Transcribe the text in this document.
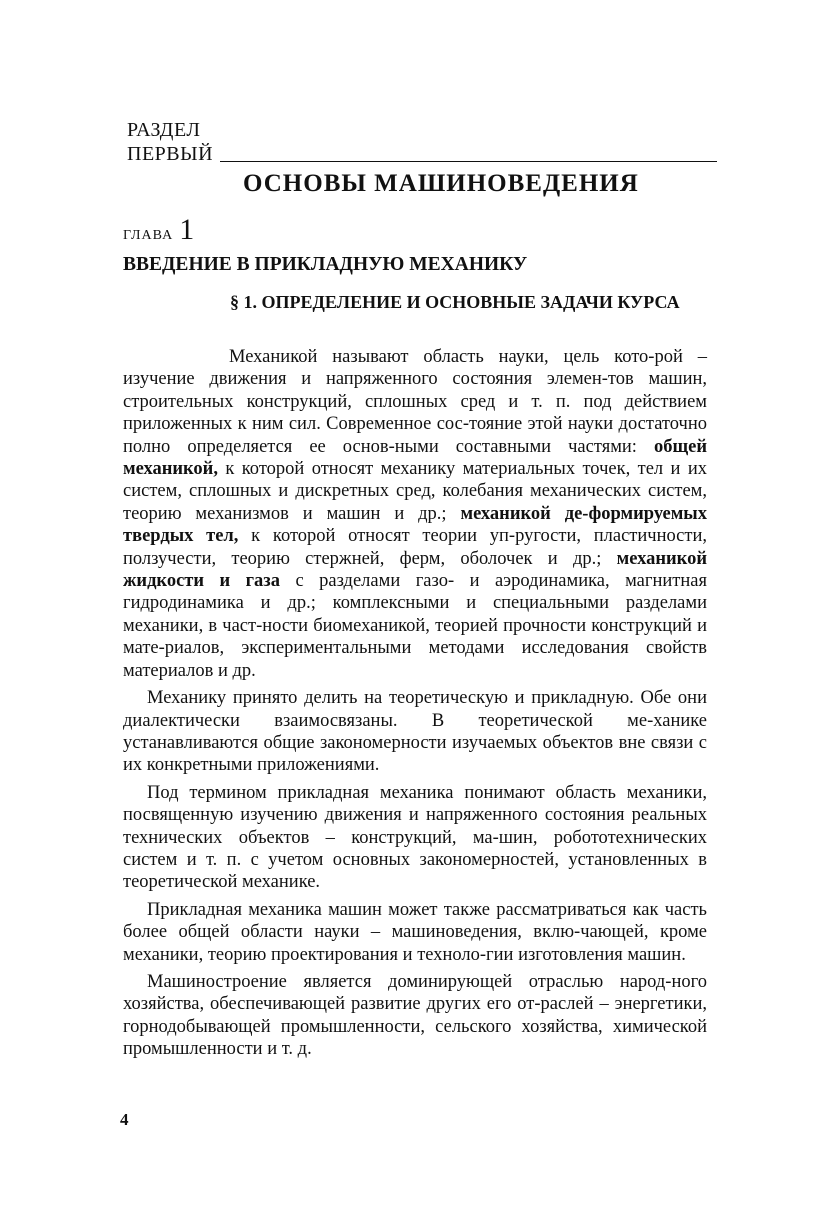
РАЗДЕЛ
ПЕРВЫЙ
ОСНОВЫ МАШИНОВЕДЕНИЯ
ГЛАВА 1
ВВЕДЕНИЕ В ПРИКЛАДНУЮ МЕХАНИКУ
§ 1. ОПРЕДЕЛЕНИЕ И ОСНОВНЫЕ ЗАДАЧИ КУРСА

Механикой называют область науки, цель кото-рой – изучение движения и напряженного состояния элемен-тов машин, строительных конструкций, сплошных сред и т. п. под действием приложенных к ним сил. Современное сос-тояние этой науки достаточно полно определяется ее основ-ными составными частями: общей механикой, к которой относят механику материальных точек, тел и их систем, сплошных и дискретных сред, колебания механических систем, теорию механизмов и машин и др.; механикой де-формируемых твердых тел, к которой относят теории уп-ругости, пластичности, ползучести, теорию стержней, ферм, оболочек и др.; механикой жидкости и газа с разделами газо- и аэродинамика, магнитная гидродинамика и др.; комплексными и специальными разделами механики, в част-ности биомеханикой, теорией прочности конструкций и мате-риалов, экспериментальными методами исследования свойств материалов и др.

Механику принято делить на теоретическую и прикладную. Обе они диалектически взаимосвязаны. В теоретической ме-ханике устанавливаются общие закономерности изучаемых объектов вне связи с их конкретными приложениями.

Под термином прикладная механика понимают область механики, посвященную изучению движения и напряженного состояния реальных технических объектов – конструкций, ма-шин, робототехнических систем и т. п. с учетом основных закономерностей, установленных в теоретической механике.

Прикладная механика машин может также рассматриваться как часть более общей области науки – машиноведения, вклю-чающей, кроме механики, теорию проектирования и техноло-гии изготовления машин.

Машиностроение является доминирующей отраслью народ-ного хозяйства, обеспечивающей развитие других его от-раслей – энергетики, горнодобывающей промышленности, сельского хозяйства, химической промышленности и т. д.

4
